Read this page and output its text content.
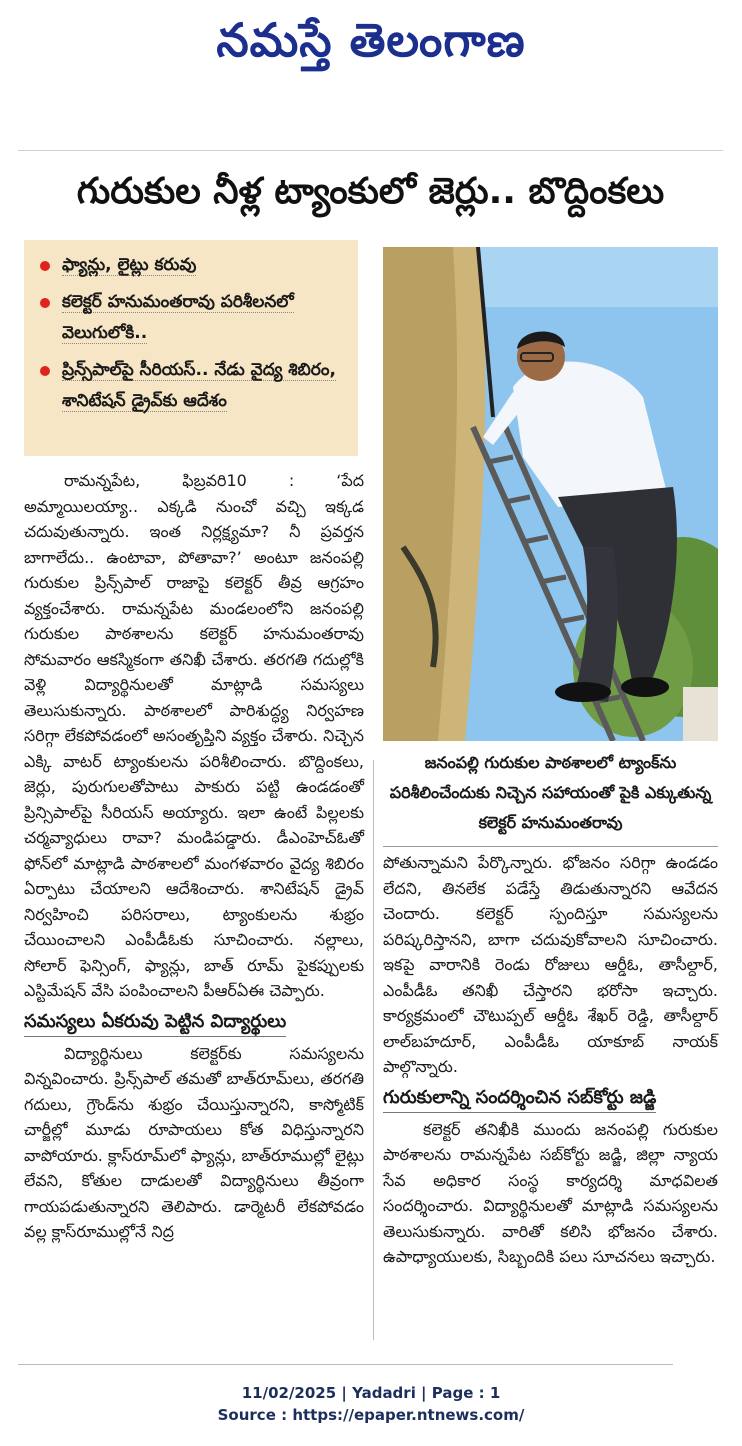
నమస్తే తెలంగాణ
గురుకుల నీళ్ల ట్యాంకులో జెర్లు.. బొద్దింకలు
ఫ్యాన్లు, లైట్లు కరువు
కలెక్టర్ హనుమంతరావు పరిశీలనలో వెలుగులోకి..
ప్రిన్స్‌పాల్‌పై సీరియస్.. నేడు వైద్య శిబిరం, శానిటేషన్ డ్రైవ్‌కు ఆదేశం
జనంపల్లి గురుకుల పాఠశాలలో ట్యాంక్‌ను పరిశీలించేందుకు నిచ్చెన సహాయంతో పైకి ఎక్కుతున్న కలెక్టర్ హనుమంతరావు

రామన్నపేట, ఫిబ్రవరి10 : ‘పేద అమ్మాయిలయ్యా.. ఎక్కడి నుంచో వచ్చి ఇక్కడ చదువుతున్నారు. ఇంత నిర్లక్ష్యమా? నీ ప్రవర్తన బాగాలేదు.. ఉంటావా, పోతావా?’ అంటూ జనంపల్లి గురుకుల ప్రిన్స్‌పాల్ రాజాపై కలెక్టర్ తీవ్ర ఆగ్రహం వ్యక్తంచేశారు. రామన్నపేట మండలంలోని జనంపల్లి గురుకుల పాఠశాలను కలెక్టర్ హనుమంతరావు సోమవారం ఆకస్మికంగా తనిఖీ చేశారు. తరగతి గదుల్లోకి వెళ్లి విద్యార్థినులతో మాట్లాడి సమస్యలు తెలుసుకున్నారు. పాఠశాలలో పారిశుద్ధ్య నిర్వహణ సరిగ్గా లేకపోవడంలో అసంతృప్తిని వ్యక్తం చేశారు. నిచ్చెన ఎక్కి వాటర్ ట్యాంకులను పరిశీలించారు. బొద్దింకలు, జెర్లు, పురుగులతోపాటు పాకురు పట్టి ఉండడంతో ప్రిన్సిపాల్‌పై సీరియస్ అయ్యారు. ఇలా ఉంటే పిల్లలకు చర్మవ్యాధులు రావా? మండిపడ్డారు. డీఎంహెచ్‌ఓతో ఫోన్‌లో మాట్లాడి పాఠశాలలో మంగళవారం వైద్య శిబిరం ఏర్పాటు చేయాలని ఆదేశించారు. శానిటేషన్ డ్రైవ్ నిర్వహించి పరిసరాలు, ట్యాంకులను శుభ్రం చేయించాలని ఎంపీడీఓకు సూచించారు. నల్లాలు, సోలార్ ఫెన్సింగ్, ఫ్యాన్లు, బాత్ రూమ్ పైకప్పులకు ఎస్టిమేషన్ వేసి పంపించాలని పీఆర్ఏఈ చెప్పారు.

సమస్యలు ఏకరువు పెట్టిన విద్యార్థులు

విద్యార్థినులు కలెక్టర్‌కు సమస్యలను విన్నవించారు. ప్రిన్స్‌పాల్ తమతో బాత్‌రూమ్‌లు, తరగతి గదులు, గ్రౌండ్‌ను శుభ్రం చేయిస్తున్నారని, కాస్మోటిక్ చార్జీల్లో మూడు రూపాయలు కోత విధిస్తున్నారని వాపోయారు. క్లాస్‌రూమ్‌లో ఫ్యాన్లు, బాత్‌రూముల్లో లైట్లు లేవని, కోతుల దాడులతో విద్యార్థినులు తీవ్రంగా గాయపడుతున్నారని తెలిపారు. డార్మెటరీ లేకపోవడం వల్ల క్లాస్‌రూముల్లోనే నిద్ర

పోతున్నామని పేర్కొన్నారు. భోజనం సరిగ్గా ఉండడం లేదని, తినలేక పడేస్తే తిడుతున్నారని ఆవేదన చెందారు. కలెక్టర్ స్పందిస్తూ సమస్యలను పరిష్కరిస్తానని, బాగా చదువుకోవాలని సూచించారు. ఇకపై వారానికి రెండు రోజులు ఆర్డీఓ, తాసీల్దార్, ఎంపీడీఓ తనిఖీ చేస్తారని భరోసా ఇచ్చారు. కార్యక్రమంలో చౌటుప్పల్ ఆర్డీఓ శేఖర్ రెడ్డి, తాసీల్దార్ లాల్‌బహదూర్, ఎంపీడీఓ యాకూబ్ నాయక్ పాల్గొన్నారు.

గురుకులాన్ని సందర్శించిన సబ్‌కోర్టు జడ్జి

కలెక్టర్ తనిఖీకి ముందు జనంపల్లి గురుకుల పాఠశాలను రామన్నపేట సబ్‌కోర్టు జడ్జి, జిల్లా న్యాయ సేవ అధికార సంస్థ కార్యదర్శి మాధవిలత సందర్శించారు. విద్యార్థినులతో మాట్లాడి సమస్యలను తెలుసుకున్నారు. వారితో కలిసి భోజనం చేశారు. ఉపాధ్యాయులకు, సిబ్బందికి పలు సూచనలు ఇచ్చారు.

11/02/2025 | Yadadri | Page : 1
Source : https://epaper.ntnews.com/
